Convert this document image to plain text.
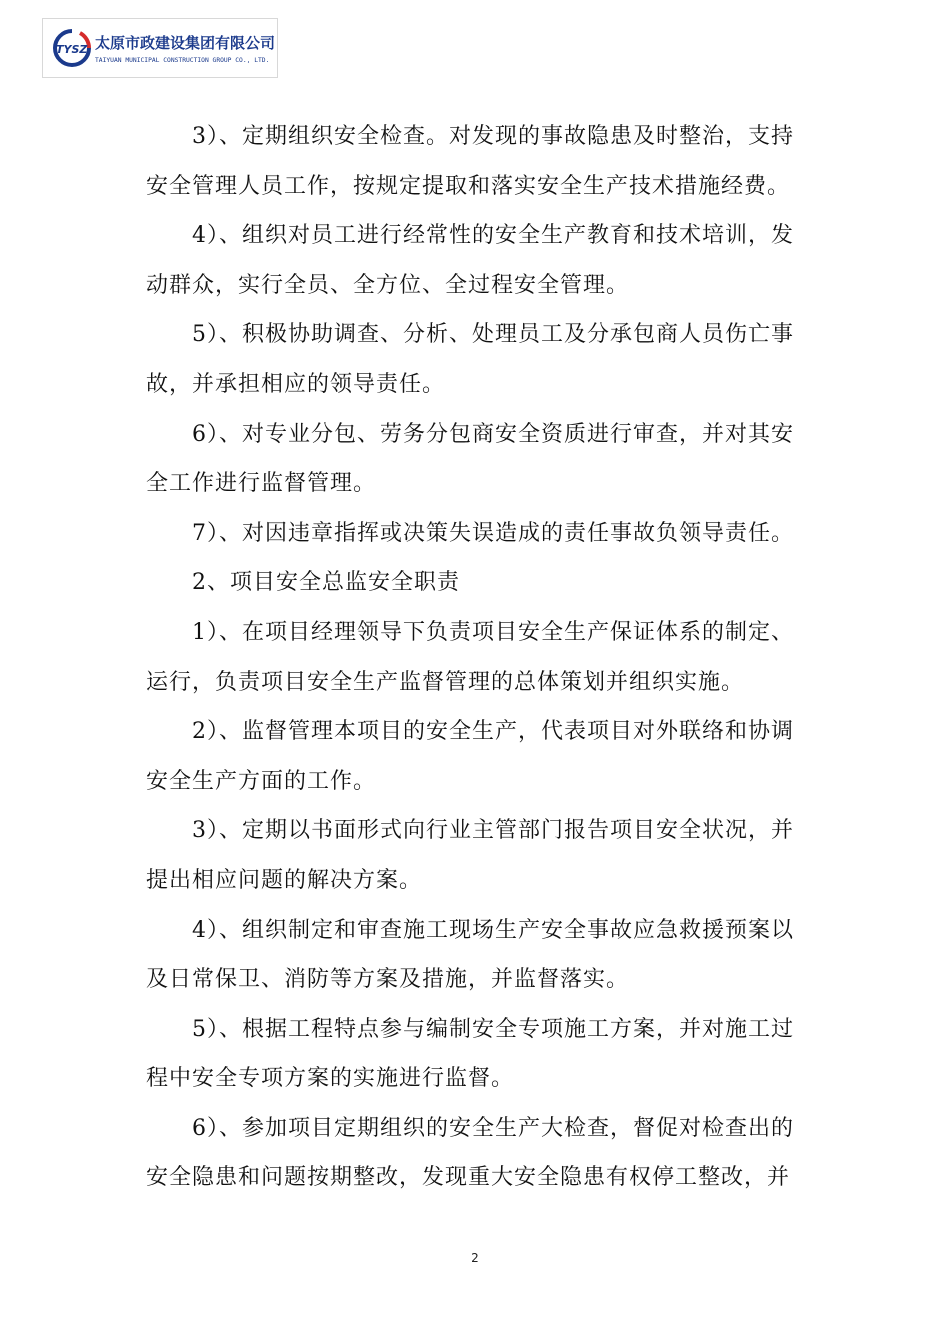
TYSZ 太原市政建设集团有限公司
TAIYUAN MUNICIPAL CONSTRUCTION GROUP CO., LTD.
3）、定期组织安全检查。对发现的事故隐患及时整治，支持
安全管理人员工作，按规定提取和落实安全生产技术措施经费。
4）、组织对员工进行经常性的安全生产教育和技术培训，发
动群众，实行全员、全方位、全过程安全管理。
5）、积极协助调查、分析、处理员工及分承包商人员伤亡事
故，并承担相应的领导责任。
6）、对专业分包、劳务分包商安全资质进行审查，并对其安
全工作进行监督管理。
7）、对因违章指挥或决策失误造成的责任事故负领导责任。
2、项目安全总监安全职责
1）、在项目经理领导下负责项目安全生产保证体系的制定、
运行，负责项目安全生产监督管理的总体策划并组织实施。
2）、监督管理本项目的安全生产，代表项目对外联络和协调
安全生产方面的工作。
3）、定期以书面形式向行业主管部门报告项目安全状况，并
提出相应问题的解决方案。
4）、组织制定和审查施工现场生产安全事故应急救援预案以
及日常保卫、消防等方案及措施，并监督落实。
5）、根据工程特点参与编制安全专项施工方案，并对施工过
程中安全专项方案的实施进行监督。
6）、参加项目定期组织的安全生产大检查，督促对检查出的
安全隐患和问题按期整改，发现重大安全隐患有权停工整改，并
2
